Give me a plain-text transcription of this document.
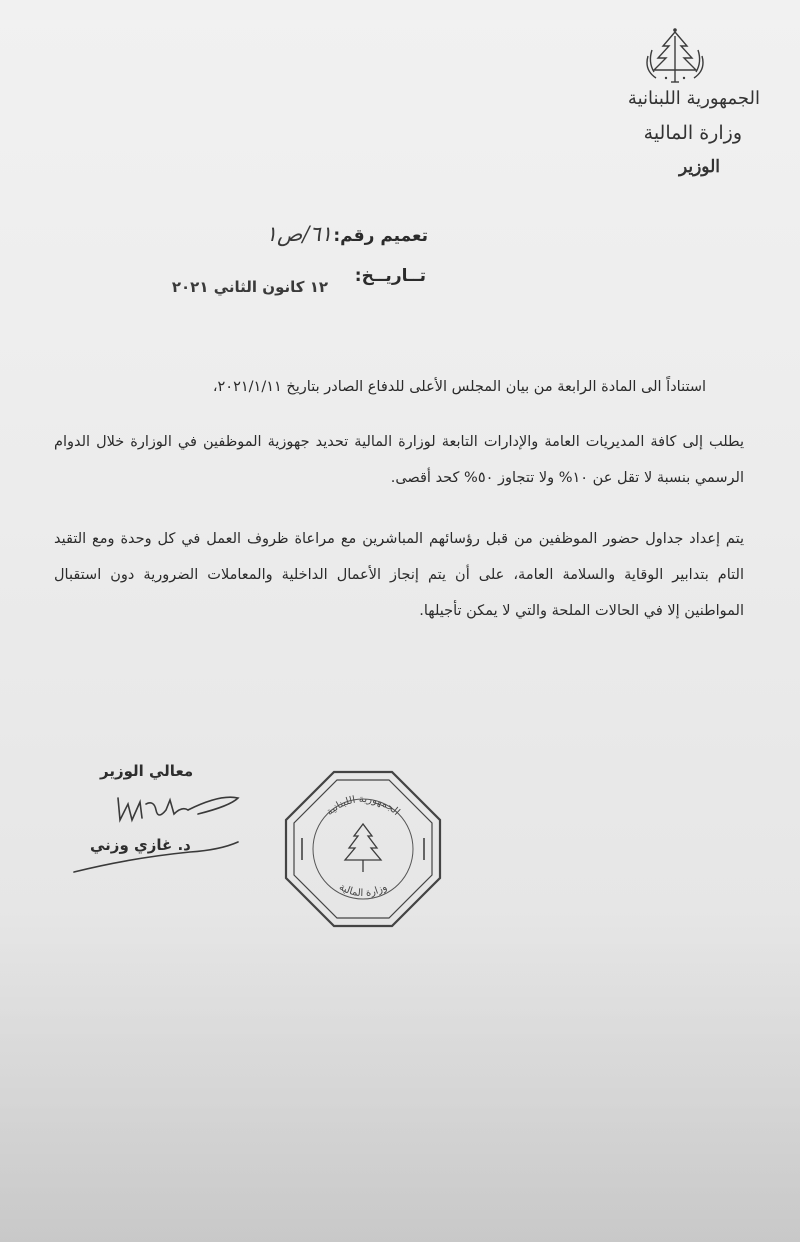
الجمهورية اللبنانية
وزارة المالية
الوزير
تعميم رقم:
٦١/ص١
تــاريــخ:
١٢ كانون الثاني ٢٠٢١
استناداً الى المادة الرابعة من بيان المجلس الأعلى للدفاع الصادر بتاريخ ٢٠٢١/١/١١،
يطلب إلى كافة المديريات العامة والإدارات التابعة لوزارة المالية تحديد جهوزية الموظفين في الوزارة خلال الدوام الرسمي بنسبة لا تقل عن ١٠% ولا تتجاوز ٥٠% كحد أقصى.
يتم إعداد جداول حضور الموظفين من قبل رؤسائهم المباشرين مع مراعاة ظروف العمل في كل وحدة ومع التقيد التام بتدابير الوقاية والسلامة العامة، على أن يتم إنجاز الأعمال الداخلية والمعاملات الضرورية دون استقبال المواطنين إلا في الحالات الملحة والتي لا يمكن تأجيلها.
معالي الوزير
د. غازي وزني
الجمهورية اللبنانية
وزارة المالية
